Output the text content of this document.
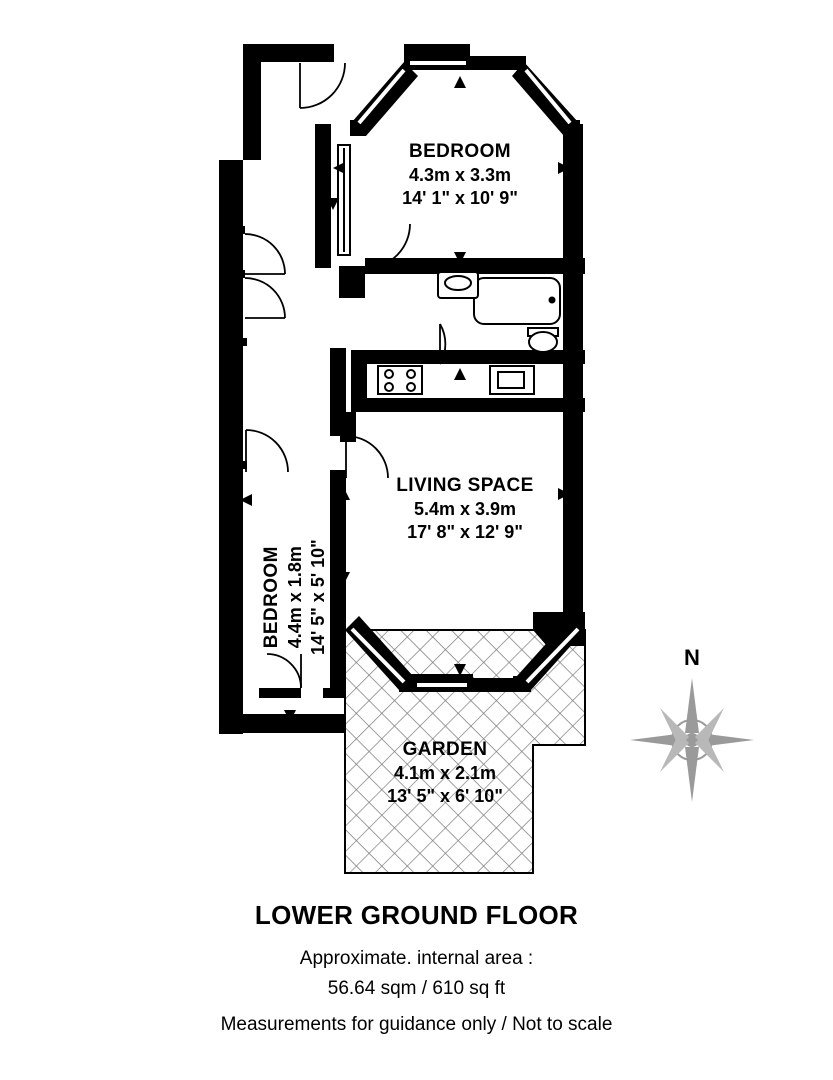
BEDROOM
4.3m x 3.3m
14' 1" x 10' 9"
LIVING SPACE
5.4m x 3.9m
17' 8" x 12' 9"
BEDROOM 4.4m x 1.8m 14' 5" x 5' 10"
GARDEN
4.1m x 2.1m
13' 5" x 6' 10"
N
LOWER GROUND FLOOR
Approximate. internal area :
56.64 sqm / 610 sq ft
Measurements for guidance only / Not to scale
